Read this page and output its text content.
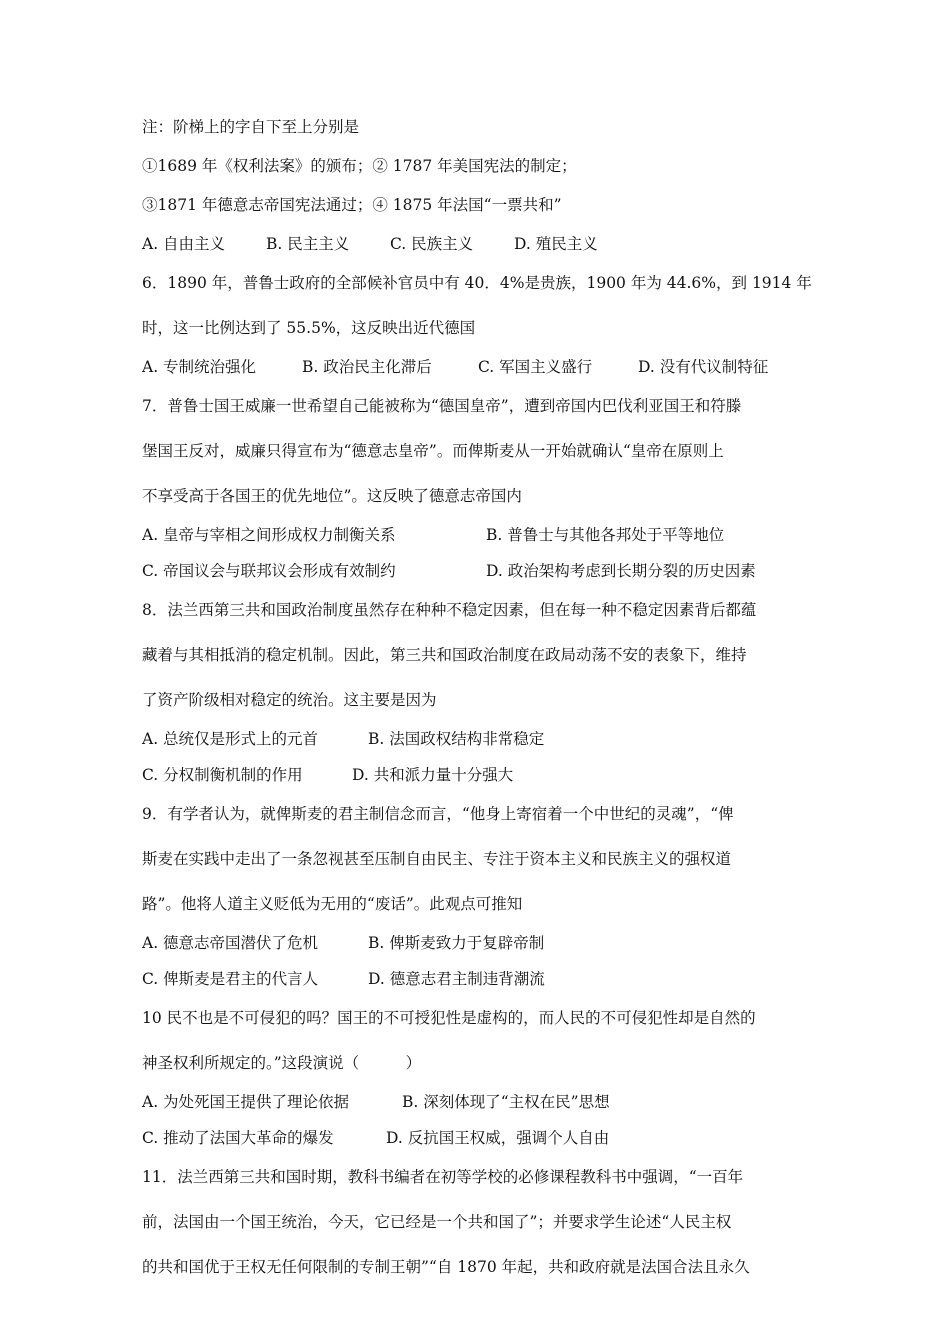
注：阶梯上的字自下至上分别是
①1689 年《权利法案》的颁布；② 1787 年美国宪法的制定；
③1871 年德意志帝国宪法通过；④ 1875 年法国“一票共和”
A. 自由主义	B. 民主主义	C. 民族主义	D. 殖民主义
6．1890 年，普鲁士政府的全部候补官员中有 40．4%是贵族，1900 年为 44.6%，到 1914 年
时，这一比例达到了 55.5%，这反映出近代德国
A. 专制统治强化	B. 政治民主化滞后	C. 军国主义盛行	D. 没有代议制特征
7．普鲁士国王威廉一世希望自己能被称为“德国皇帝”，遭到帝国内巴伐利亚国王和符滕
堡国王反对，威廉只得宣布为“德意志皇帝”。而俾斯麦从一开始就确认“皇帝在原则上
不享受高于各国王的优先地位”。这反映了德意志帝国内
A. 皇帝与宰相之间形成权力制衡关系	B. 普鲁士与其他各邦处于平等地位
C. 帝国议会与联邦议会形成有效制约	D. 政治架构考虑到长期分裂的历史因素
8．法兰西第三共和国政治制度虽然存在种种不稳定因素，但在每一种不稳定因素背后都蕴
藏着与其相抵消的稳定机制。因此，第三共和国政治制度在政局动荡不安的表象下，维持
了资产阶级相对稳定的统治。这主要是因为
A. 总统仅是形式上的元首	B. 法国政权结构非常稳定
C. 分权制衡机制的作用	D. 共和派力量十分强大
9．有学者认为，就俾斯麦的君主制信念而言，“他身上寄宿着一个中世纪的灵魂”，“俾
斯麦在实践中走出了一条忽视甚至压制自由民主、专注于资本主义和民族主义的强权道
路”。他将人道主义贬低为无用的“废话”。此观点可推知
A. 德意志帝国潜伏了危机	B. 俾斯麦致力于复辟帝制
C. 俾斯麦是君主的代言人	D. 德意志君主制违背潮流
10 民不也是不可侵犯的吗？国王的不可授犯性是虚构的，而人民的不可侵犯性却是自然的
神圣权利所规定的。”这段演说（　　　）
A. 为处死国王提供了理论依据	B. 深刻体现了“主权在民”思想
C. 推动了法国大革命的爆发	D. 反抗国王权威，强调个人自由
11．法兰西第三共和国时期，教科书编者在初等学校的必修课程教科书中强调，“一百年
前，法国由一个国王统治，今天，它已经是一个共和国了”；并要求学生论述“人民主权
的共和国优于王权无任何限制的专制王朝”“自 1870 年起，共和政府就是法国合法且永久
